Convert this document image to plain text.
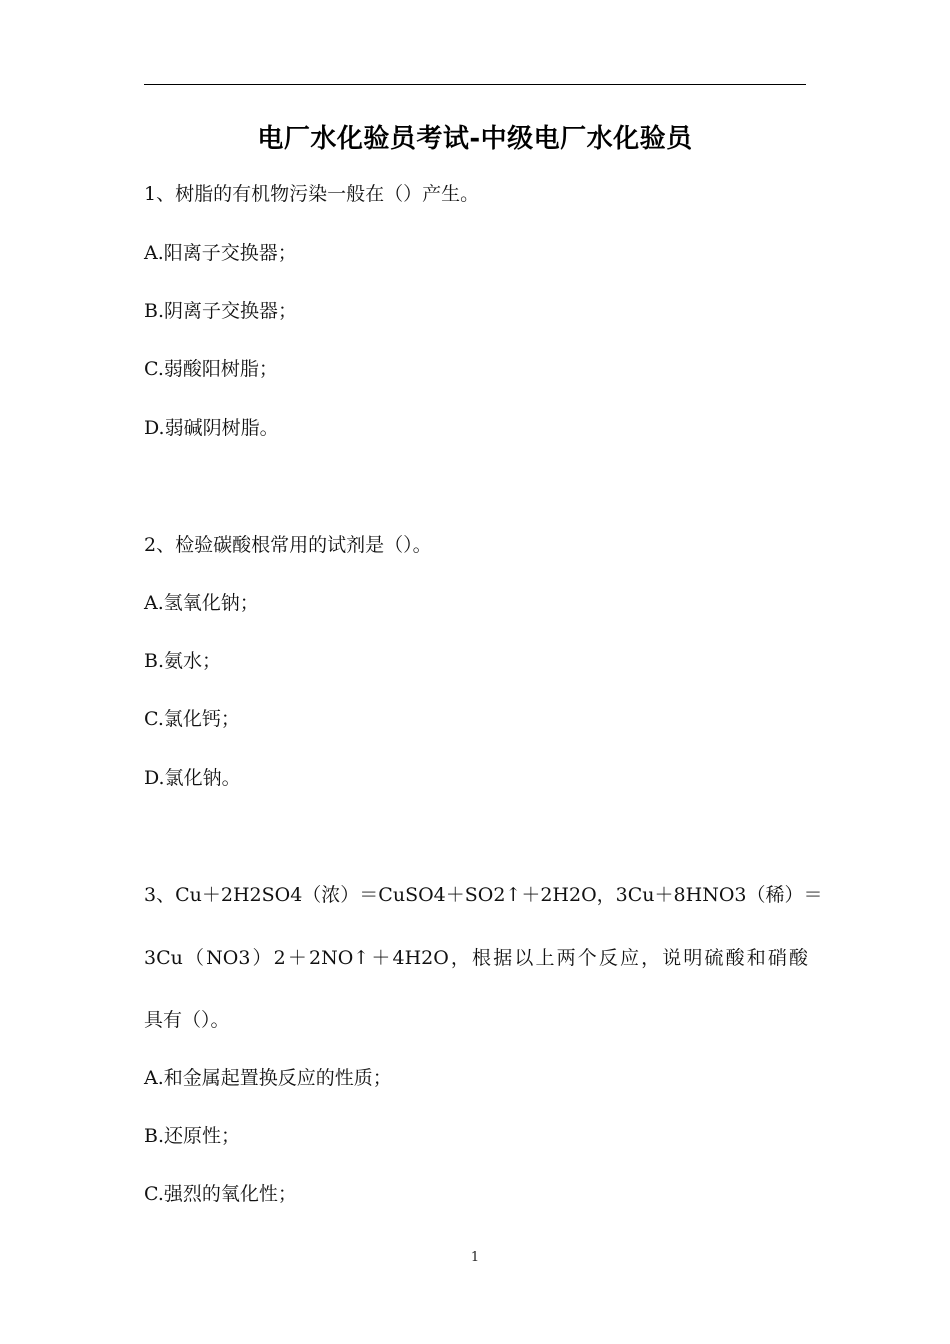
电厂水化验员考试-中级电厂水化验员
1、树脂的有机物污染一般在（）产生。
A.阳离子交换器；
B.阴离子交换器；
C.弱酸阳树脂；
D.弱碱阴树脂。
2、检验碳酸根常用的试剂是（）。
A.氢氧化钠；
B.氨水；
C.氯化钙；
D.氯化钠。
3、Cu＋2H2SO4（浓）＝CuSO4＋SO2↑＋2H2O，3Cu＋8HNO3（稀）＝
3Cu（NO3）2＋2NO↑＋4H2O，根据以上两个反应，说明硫酸和硝酸
具有（）。
A.和金属起置换反应的性质；
B.还原性；
C.强烈的氧化性；
1
